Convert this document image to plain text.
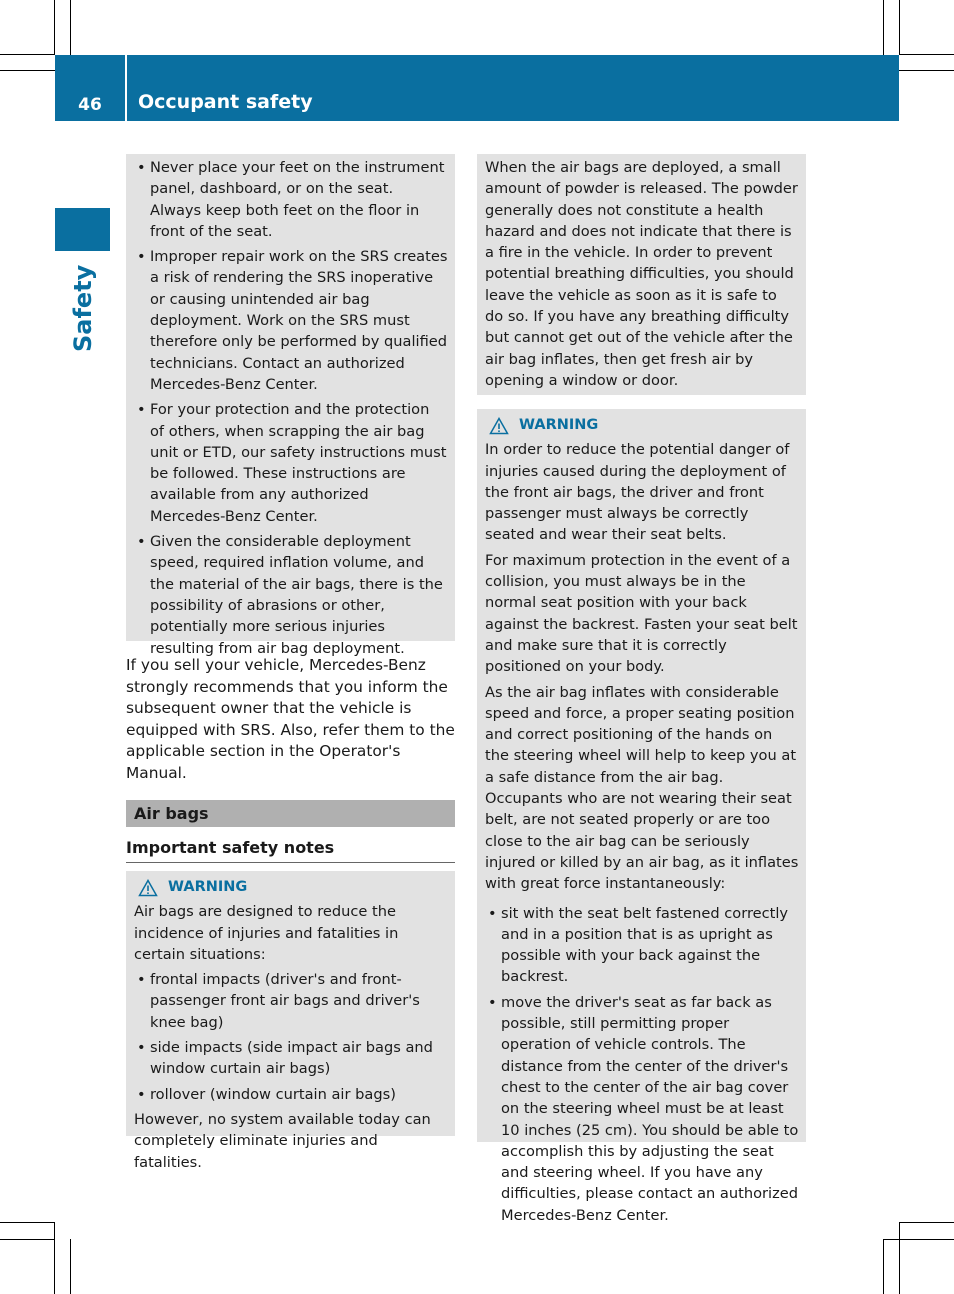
46	Occupant safety
Safety
• Never place your feet on the instrument panel, dashboard, or on the seat. Always keep both feet on the floor in front of the seat.
• Improper repair work on the SRS creates a risk of rendering the SRS inoperative or causing unintended air bag deployment. Work on the SRS must therefore only be performed by qualified technicians. Contact an authorized Mercedes-Benz Center.
• For your protection and the protection of others, when scrapping the air bag unit or ETD, our safety instructions must be followed. These instructions are available from any authorized Mercedes-Benz Center.
• Given the considerable deployment speed, required inflation volume, and the material of the air bags, there is the possibility of abrasions or other, potentially more serious injuries resulting from air bag deployment.
If you sell your vehicle, Mercedes-Benz strongly recommends that you inform the subsequent owner that the vehicle is equipped with SRS. Also, refer them to the applicable section in the Operator's Manual.
Air bags
Important safety notes
WARNING

Air bags are designed to reduce the incidence of injuries and fatalities in certain situations:

• frontal impacts (driver's and front-passenger front air bags and driver's knee bag)
• side impacts (side impact air bags and window curtain air bags)
• rollover (window curtain air bags)

However, no system available today can completely eliminate injuries and fatalities.

When the air bags are deployed, a small amount of powder is released. The powder generally does not constitute a health hazard and does not indicate that there is a fire in the vehicle. In order to prevent potential breathing difficulties, you should leave the vehicle as soon as it is safe to do so. If you have any breathing difficulty but cannot get out of the vehicle after the air bag inflates, then get fresh air by opening a window or door.

WARNING

In order to reduce the potential danger of injuries caused during the deployment of the front air bags, the driver and front passenger must always be correctly seated and wear their seat belts.

For maximum protection in the event of a collision, you must always be in the normal seat position with your back against the backrest. Fasten your seat belt and make sure that it is correctly positioned on your body.

As the air bag inflates with considerable speed and force, a proper seating position and correct positioning of the hands on the steering wheel will help to keep you at a safe distance from the air bag. Occupants who are not wearing their seat belt, are not seated properly or are too close to the air bag can be seriously injured or killed by an air bag, as it inflates with great force instantaneously:

• sit with the seat belt fastened correctly and in a position that is as upright as possible with your back against the backrest.
• move the driver's seat as far back as possible, still permitting proper operation of vehicle controls. The distance from the center of the driver's chest to the center of the air bag cover on the steering wheel must be at least 10 inches (25 cm). You should be able to accomplish this by adjusting the seat and steering wheel. If you have any difficulties, please contact an authorized Mercedes-Benz Center.
